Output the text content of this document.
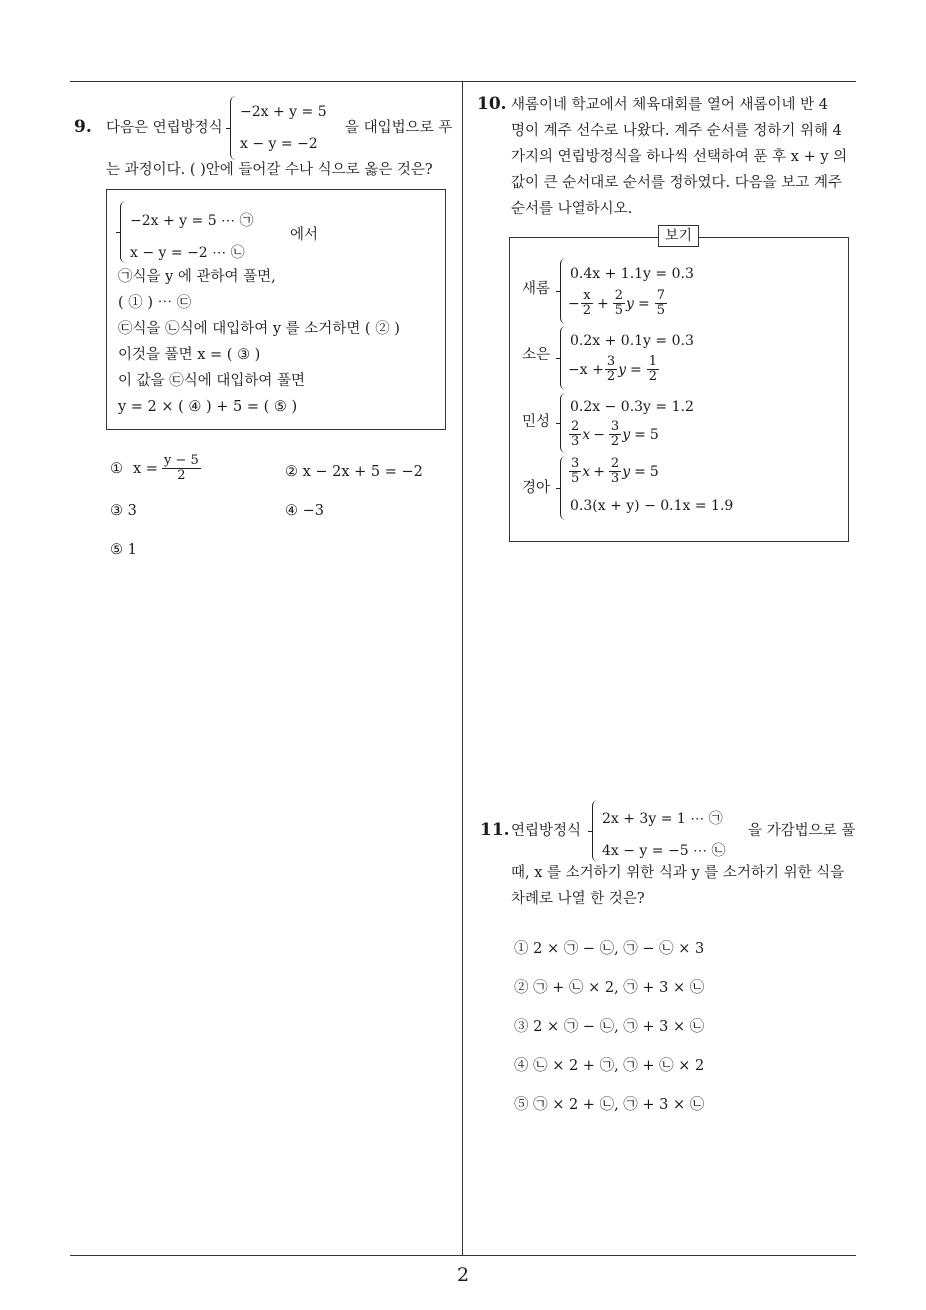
9. 다음은 연립방정식
−2x + y = 5
x − y = −2
을 대입법으로 푸
는 과정이다. ( )안에 들어갈 수나 식으로 옳은 것은?
−2x + y = 5 ⋯ ㉠
x − y = −2 ⋯ ㉡
에서
㉠식을 y 에 관하여 풀면,
( ① ) ⋯ ㉢
㉢식을 ㉡식에 대입하여 y 를 소거하면 ( ② )
이것을 풀면 x = ( ③ )
이 값을 ㉢식에 대입하여 풀면
y = 2 × ( ④ ) + 5 = ( ⑤ )
① $x = \frac{y - 5}{2}$	② x − 2x + 5 = −2
③ 3	④ −3
⑤ 1
10. 새롬이네 학교에서 체육대회를 열어 새롬이네 반 4
명이 계주 선수로 나왔다. 계주 순서를 정하기 위해 4
가지의 연립방정식을 하나씩 선택하여 푼 후 x + y 의
값이 큰 순서대로 순서를 정하였다. 다음을 보고 계주
순서를 나열하시오.
보기
새롬
0.4x + 1.1y = 0.3
− $\frac{x}{2} + \frac{2}{5}$ $y = \frac{7}{5}$
소은
0.2x + 0.1y = 0.3
$-x + \frac{3}{2}$ $y = \frac{1}{2}$
민성
0.2x − 0.3y = 1.2
$\frac{2}{3}$ $x - \frac{3}{2}$ y = 5
경아
$\frac{3}{5}$ $x + \frac{2}{3}$ y = 5
0.3(x + y) − 0.1x = 1.9
11. 연립방정식
2x + 3y = 1 ⋯ ㉠
4x − y = −5 ⋯ ㉡
을 가감법으로 풀
때, x 를 소거하기 위한 식과 y 를 소거하기 위한 식을
차례로 나열 한 것은?
① 2 × ㉠ − ㉡, ㉠ − ㉡ × 3
② ㉠ + ㉡ × 2, ㉠ + 3 × ㉡
③ 2 × ㉠ − ㉡, ㉠ + 3 × ㉡
④ ㉡ × 2 + ㉠, ㉠ + ㉡ × 2
⑤ ㉠ × 2 + ㉡, ㉠ + 3 × ㉡
2
